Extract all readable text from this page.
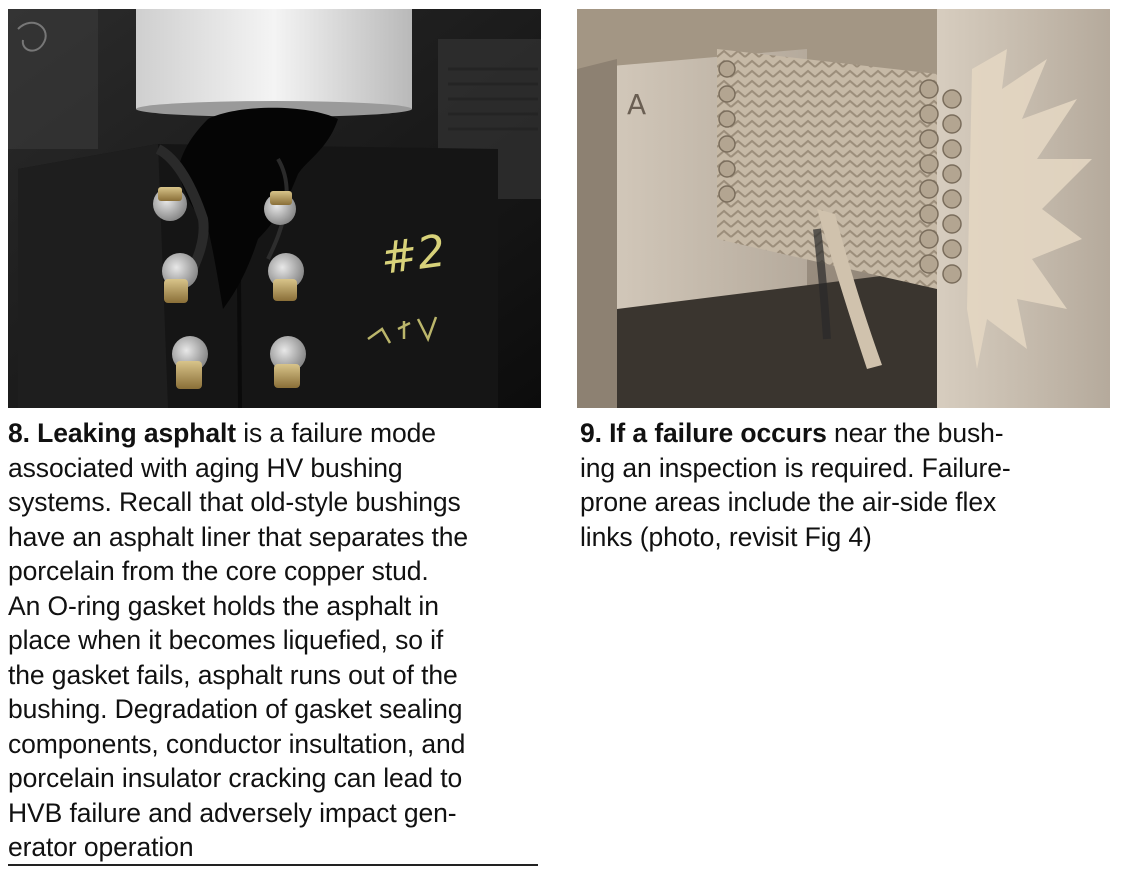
#2
A
8. Leaking asphalt is a failure mode
associated with aging HV bushing
systems. Recall that old-style bushings
have an asphalt liner that separates the
porcelain from the core copper stud.
An O-ring gasket holds the asphalt in
place when it becomes liquefied, so if
the gasket fails, asphalt runs out of the
bushing. Degradation of gasket sealing
components, conductor insultation, and
porcelain insulator cracking can lead to
HVB failure and adversely impact gen-
erator operation
9. If a failure occurs near the bush-
ing an inspection is required. Failure-
prone areas include the air-side flex
links (photo, revisit Fig 4)
